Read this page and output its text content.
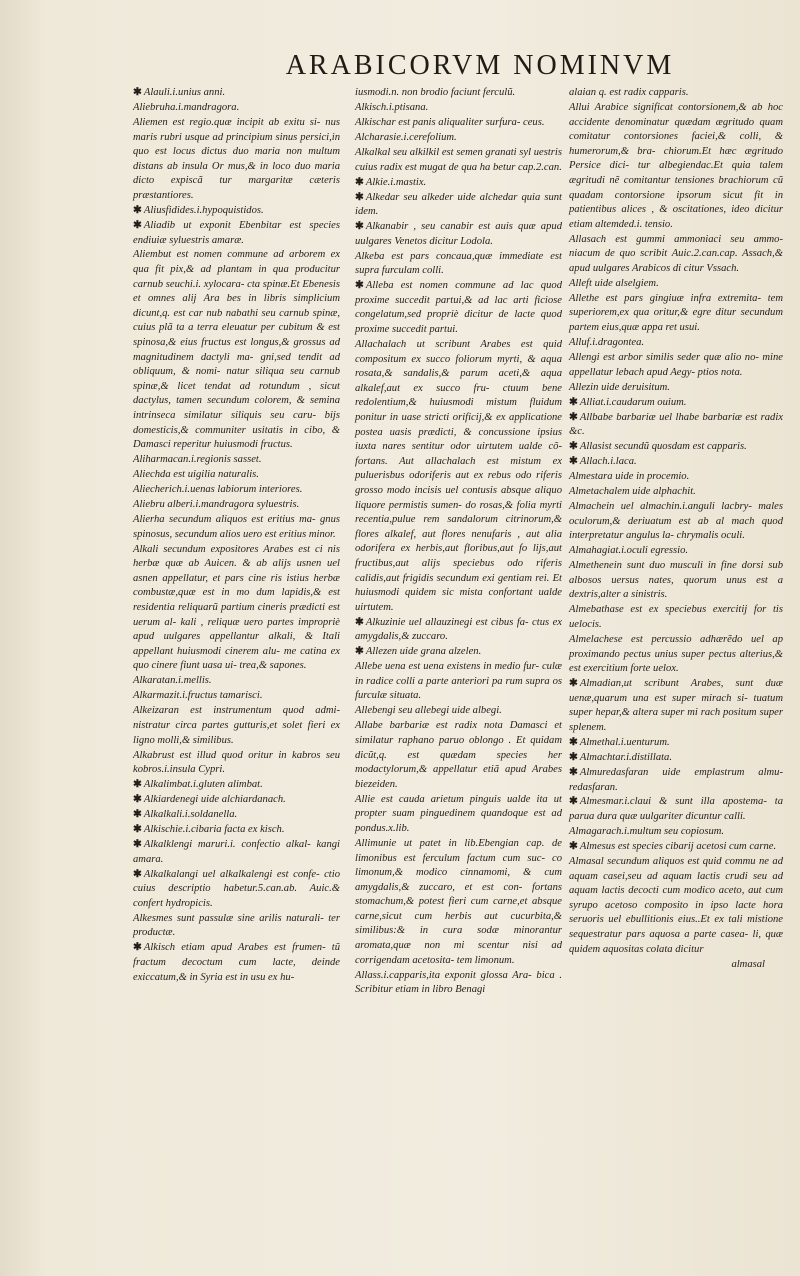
ARABICORVM NOMINVM

✱ Alauli.i.unius anni.

Aliebruha.i.mandragora.

Aliemen est regio.quæ incipit ab exitu si- nus maris rubri usque ad principium sinus persici,in quo est locus dictus duo maria non multum distans ab insula Or mus,& in loco duo maria dicto expiscã tur margaritæ cæteris præstantiores.

✱ Aliusfidides.i.hypoquistidos.

✱ Aliadib ut exponit Ebenbitar est species endiuiæ syluestris amaræ.

Aliembut est nomen commune ad arborem ex qua fit pix,& ad plantam in qua producitur carnub seuchi.i. xylocara- cta spinæ.Et Ebenesis et omnes alij Ara bes in libris simplicium dicunt,q. est car nub nabathi seu carnub spinæ, cuius plã ta a terra eleuatur per cubitum & est spinosa,& eius fructus est longus,& grossus ad magnitudinem dactyli ma- gni,sed tendit ad obliquum, & nomi- natur siliqua seu carnub spinæ,& licet tendat ad rotundum , sicut dactylus, tamen secundum colorem, & semina intrinseca similatur siliquis seu caru- bijs domesticis,& communiter usitatis in cibo, & Damasci reperitur huiusmodi fructus.

Aliharmacan.i.regionis sasset.

Aliechda est uigilia naturalis.

Aliecherich.i.uenas labiorum interiores.

Aliebru alberi.i.mandragora syluestris.

Alierha secundum aliquos est eritius ma- gnus spinosus, secundum alios uero est eritius minor.

Alkali secundum expositores Arabes est ci nis herbæ quæ ab Auicen. & ab alijs usnen uel asnen appellatur, et pars cine ris istius herbæ combustæ,quæ est in mo dum lapidis,& est residentia reliquarũ partium cineris prædicti est uerum al- kali , reliquæ uero partes impropriè apud uulgares appellantur alkali, & Itali appellant huiusmodi cinerem alu- me catina ex quo cinere fiunt uasa ui- trea,& sapones.

Alkaratan.i.mellis.

Alkarmazit.i.fructus tamarisci.

Alkeizaran est instrumentum quod admi- nistratur circa partes gutturis,et solet fieri ex ligno molli,& similibus.

Alkabrust est illud quod oritur in kabros seu kobros.i.insula Cypri.

✱ Alkalimbat.i.gluten alimbat.

✱ Alkiardenegi uide alchiardanach.

✱ Alkalkali.i.soldanella.

✱ Alkischie.i.cibaria facta ex kisch.

✱ Alkalklengi maruri.i. confectio alkal- kangi amara.

✱ Alkalkalangi uel alkalkalengi est confe- ctio cuius descriptio habetur.5.can.ab. Auic.& confert hydropicis.

Alkesmes sunt passulæ sine arilis naturali- ter productæ.

✱ Alkisch etiam apud Arabes est frumen- tũ fractum decoctum cum lacte, deinde exiccatum,& in Syria est in usu ex hu-

iusmodi.n. non brodio faciunt ferculũ.

Alkisch.i.ptisana.

Alkischar est panis aliqualiter surfura- ceus.

Alcharasie.i.cerefolium.

Alkalkal seu alkilkil est semen granati syl uestris cuius radix est mugat de qua ha betur cap.2.can.

✱ Alkie.i.mastix.

✱ Alkedar seu alkeder uide alchedar quia sunt idem.

✱ Alkanabir , seu canabir est auis quæ apud uulgares Venetos dicitur Lodola.

Alkeba est pars concaua,quæ immediate est supra furculam colli.

✱ Alleba est nomen commune ad lac quod proxime succedit partui,& ad lac arti ficiose congelatum,sed propriè dicitur de lacte quod proxime succedit partui.

Allachalach ut scribunt Arabes est quid compositum ex succo foliorum myrti, & aqua rosata,& sandalis,& parum aceti,& aqua alkalef,aut ex succo fru- ctuum bene redolentium,& huiusmodi mistum fluidum ponitur in uase stricti orificij,& ex applicatione postea uasis prædicti, & concussione ipsius iuxta nares sentitur odor uirtutem ualde cõ- fortans. Aut allachalach est mistum ex puluerisbus odoriferis aut ex rebus odo riferis grosso modo incisis uel contusis absque aliquo liquore permistis sumen- do rosas,& folia myrti recentia,pulue rem sandalorum citrinorum,& flores alkalef, aut flores nenufaris , aut alia odorifera ex herbis,aut floribus,aut fo lijs,aut fructibus,aut alijs speciebus odo riferis calidis,aut frigidis secundum exi gentiam rei. Et huiusmodi quidem sic mista confortant ualde uirtutem.

✱ Alkuzinie uel allauzinegi est cibus fa- ctus ex amygdalis,& zuccaro.

✱ Allezen uide grana alzelen.

Allebe uena est uena existens in medio fur- culæ in radice colli a parte anteriori pa rum supra os furculæ situata.

Allebengi seu allebegi uide albegi.

Allabe barbariæ est radix nota Damasci et similatur raphano paruo oblongo . Et quidam dicũt,q. est quædam species her modactylorum,& appellatur etiã apud Arabes biezeiden.

Allie est cauda arietum pinguis ualde ita ut propter suam pinguedinem quandoque est ad pondus.x.lib.

Allimunie ut patet in lib.Ebengian cap. de limonibus est ferculum factum cum suc- co limonum,& modico cinnamomi, & cum amygdalis,& zuccaro, et est con- fortans stomachum,& potest fieri cum carne,et absque carne,sicut cum herbis aut cucurbita,& similibus:& in cura sodæ minorantur aromata,quæ non mi scentur nisi ad corrigendam acetosita- tem limonum.

Allass.i.capparis,ita exponit glossa Ara- bica . Scribitur etiam in libro Benagi

alaian q. est radix capparis.

Allui Arabice significat contorsionem,& ab hoc accidente denominatur quædam ægritudo quam comitatur contorsiones faciei,& colli, & humerorum,& bra- chiorum.Et hæc ægritudo Persice dici- tur albegiendac.Et quia talem ægritudi nẽ comitantur tensiones brachiorum cũ quadam contorsione ipsorum sicut fit in patientibus alices , & oscitationes, ideo dicitur etiam altemded.i. tensio.

Allasach est gummi ammoniaci seu ammo- niacum de quo scribit Auic.2.can.cap. Assach,& apud uulgares Arabicos di citur Vssach.

Alleft uide alselgiem.

Allethe est pars gingiuæ infra extremita- tem superiorem,ex qua oritur,& egre ditur secundum partem eius,quæ appa ret usui.

Alluf.i.dragontea.

Allengi est arbor similis seder quæ alio no- mine appellatur lebach apud Aegy- ptios nota.

Allezin uide deruisitum.

✱ Alliat.i.caudarum ouium.

✱ Allbabe barbariæ uel lhabe barbariæ est radix &c.

✱ Allasist secundũ quosdam est capparis.

✱ Allach.i.laca.

Almestara uide in procemio.

Almetachalem uide alphachit.

Almachein uel almachin.i.anguli lacbry- males oculorum,& deriuatum est ab al mach quod interpretatur angulus la- chrymalis oculi.

Almahagiat.i.oculi egressio.

Almethenein sunt duo musculi in fine dorsi sub albosos uersus nates, quorum unus est a dextris,alter a sinistris.

Almebathase est ex speciebus exercitij for tis uelocis.

Almelachese est percussio adhærẽdo uel ap proximando pectus unius super pectus alterius,& est exercitium forte uelox.

✱ Almadian,ut scribunt Arabes, sunt duæ uenæ,quarum una est super mirach si- tuatum super hepar,& altera super mi rach positum super splenem.

✱ Almethal.i.uenturum.

✱ Almachtar.i.distillata.

✱ Almuredasfaran uide emplastrum almu- redasfaran.

✱ Almesmar.i.claui & sunt illa apostema- ta parua dura quæ uulgariter dicuntur calli.

Almagarach.i.multum seu copiosum.

✱ Almesus est species cibarij acetosi cum carne.

Almasal secundum aliquos est quid commu ne ad aquam casei,seu ad aquam lactis crudi seu ad aquam lactis decocti cum modico aceto, aut cum syrupo acetoso composito in ipso lacte hora seruoris uel ebullitionis eius..Et ex tali mistione sequestratur pars aquosa a parte casea- li, quæ quidem aquositas colata dicitur

almasal
